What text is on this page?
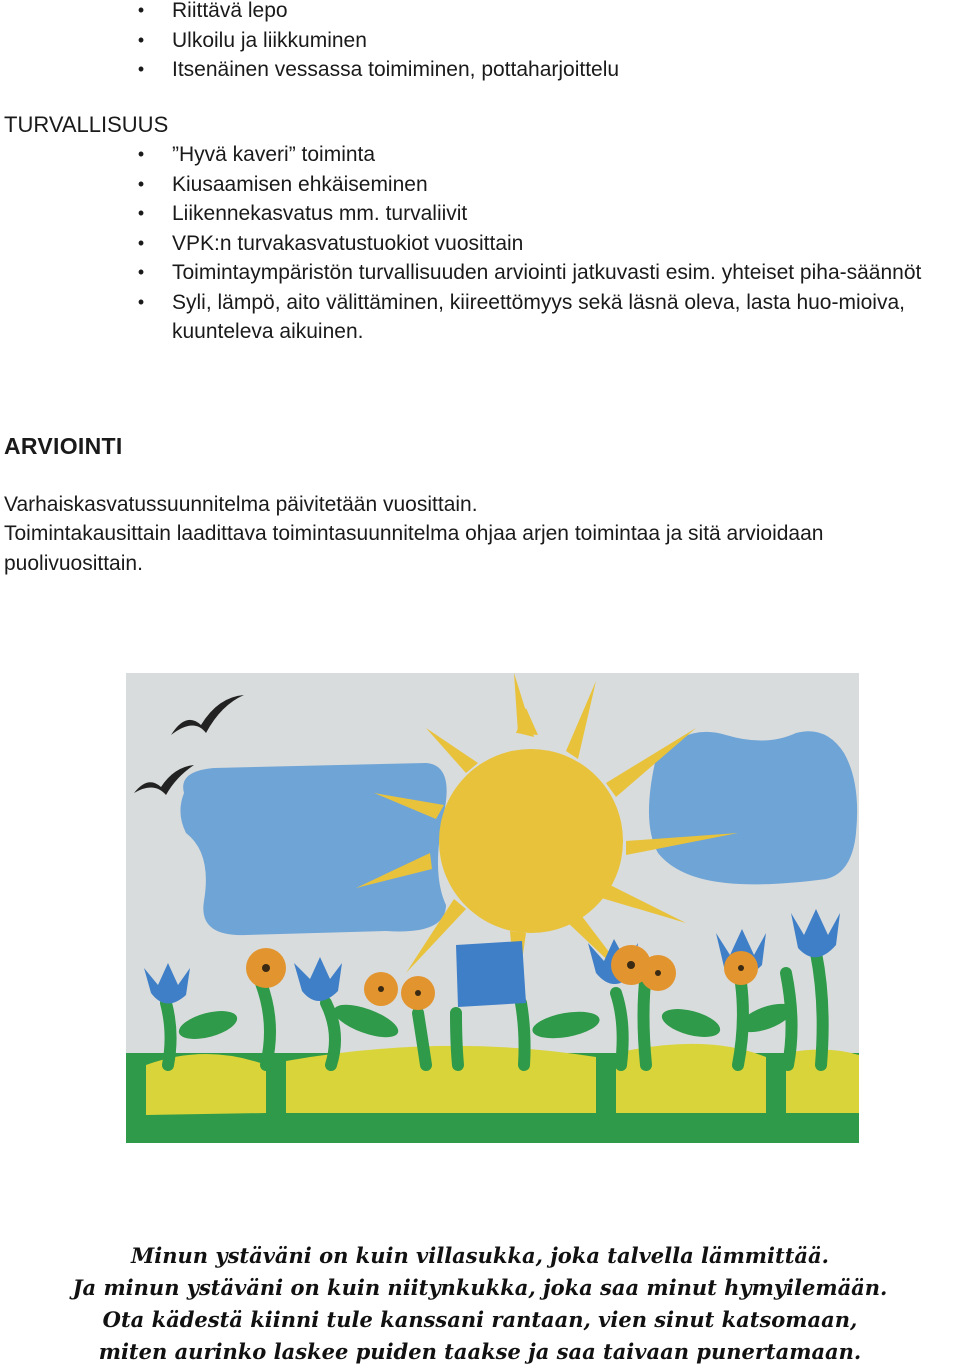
• Riittävä lepo
• Ulkoilu ja liikkuminen
• Itsenäinen vessassa toimiminen, pottaharjoittelu
TURVALLISUUS
• ”Hyvä kaveri” toiminta
• Kiusaamisen ehkäiseminen
• Liikennekasvatus mm. turvaliivit
• VPK:n turvakasvatustuokiot vuosittain
• Toimintaympäristön turvallisuuden arviointi jatkuvasti esim. yhteiset piha-säännöt
• Syli, lämpö, aito välittäminen, kiireettömyys sekä läsnä oleva, lasta huo-mioiva, kuunteleva aikuinen.
ARVIOINTI
Varhaiskasvatussuunnitelma päivitetään vuosittain.
Toimintakausittain laadittava toimintasuunnitelma ohjaa arjen toimintaa ja sitä arvioidaan puolivuosittain.
Minun ystäväni on kuin villasukka, joka talvella lämmittää.
Ja minun ystäväni on kuin niitynkukka, joka saa minut hymyilemään.
Ota kädestä kiinni tule kanssani rantaan, vien sinut katsomaan,
miten aurinko laskee puiden taakse ja saa taivaan punertamaan.
